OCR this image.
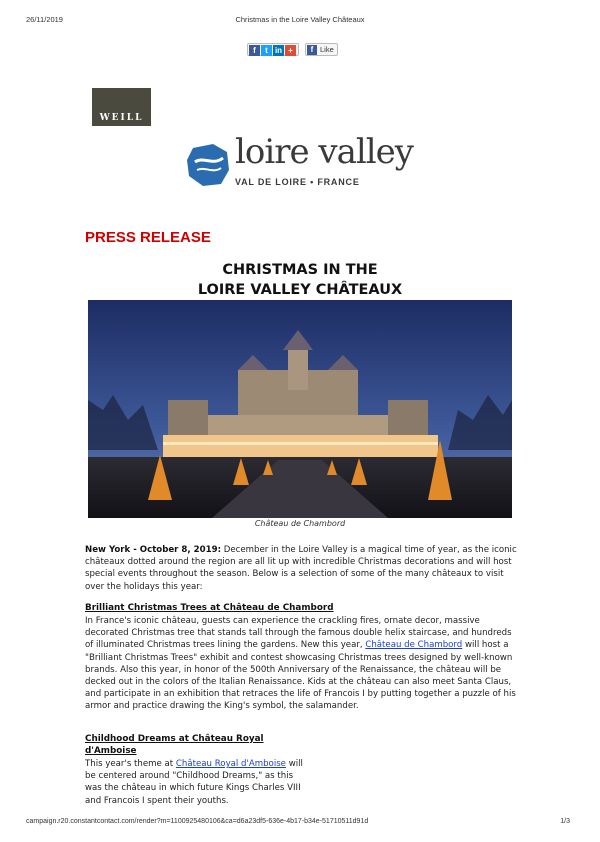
26/11/2019	Christmas in the Loire Valley Châteaux
f	t in +	f Like
WEILL
loire valley
VAL DE LOIRE • FRANCE
PRESS RELEASE
CHRISTMAS IN THE
LOIRE VALLEY CHÂTEAUX
Château de Chambord
New York - October 8, 2019: December in the Loire Valley is a magical time of year, as the iconic châteaux dotted around the region are all lit up with incredible Christmas decorations and will host special events throughout the season. Below is a selection of some of the many châteaux to visit over the holidays this year:
Brilliant Christmas Trees at Château de Chambord
In France's iconic château, guests can experience the crackling fires, ornate decor, massive decorated Christmas tree that stands tall through the famous double helix staircase, and hundreds of illuminated Christmas trees lining the gardens. New this year, Château de Chambord will host a "Brilliant Christmas Trees" exhibit and contest showcasing Christmas trees designed by well-known brands. Also this year, in honor of the 500th Anniversary of the Renaissance, the château will be decked out in the colors of the Italian Renaissance. Kids at the château can also meet Santa Claus, and participate in an exhibition that retraces the life of Francois I by putting together a puzzle of his armor and practice drawing the King's symbol, the salamander.
Childhood Dreams at Château Royal
d'Amboise
This year's theme at Château Royal d'Amboise will be centered around "Childhood Dreams," as this was the château in which future Kings Charles VIII and Francois I spent their youths.
campaign.r20.constantcontact.com/render?m=1100925480106&ca=d6a23df5-636e-4b17-b34e-51710511d91d	1/3
